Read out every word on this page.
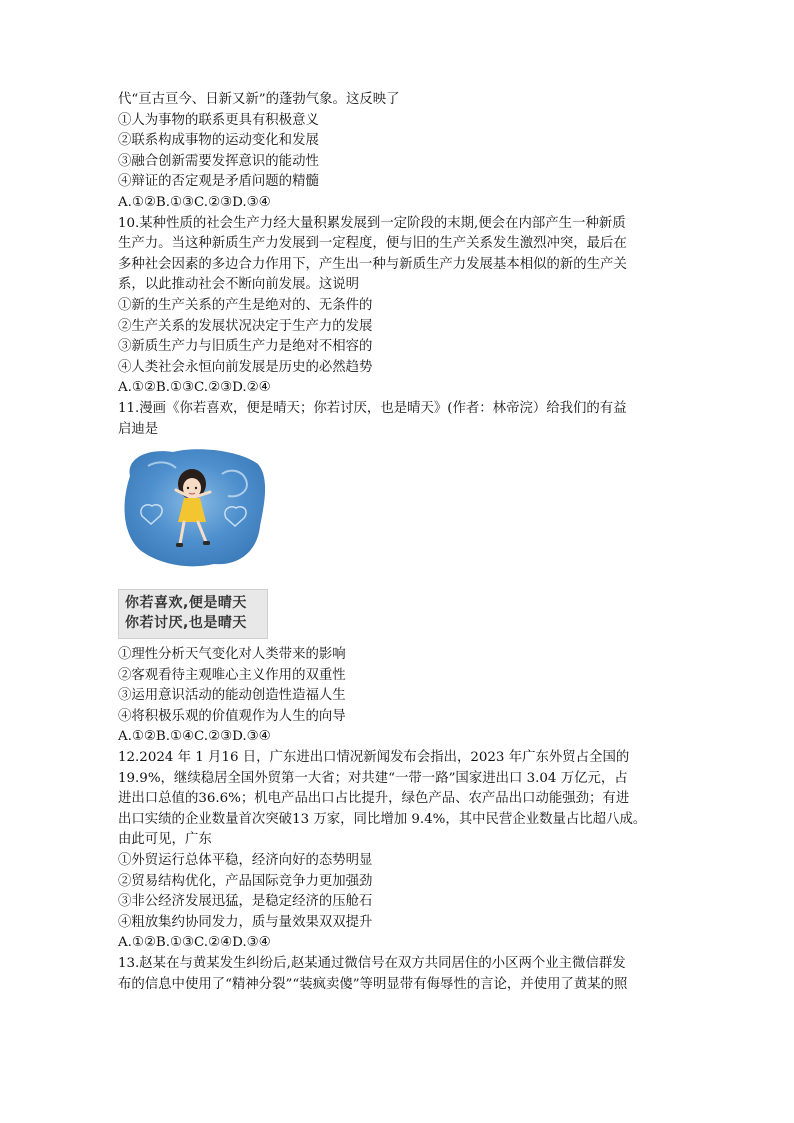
代“亘古亘今、日新又新”的蓬勃气象。这反映了
①人为事物的联系更具有积极意义
②联系构成事物的运动变化和发展
③融合创新需要发挥意识的能动性
④辩证的否定观是矛盾问题的精髓
A.①②B.①③C.②③D.③④
10.某种性质的社会生产力经大量积累发展到一定阶段的末期,便会在内部产生一种新质
生产力。当这种新质生产力发展到一定程度，便与旧的生产关系发生激烈冲突，最后在
多种社会因素的多边合力作用下，产生出一种与新质生产力发展基本相似的新的生产关
系，以此推动社会不断向前发展。这说明
①新的生产关系的产生是绝对的、无条件的
②生产关系的发展状况决定于生产力的发展
③新质生产力与旧质生产力是绝对不相容的
④人类社会永恒向前发展是历史的必然趋势
A.①②B.①③C.②③D.②④
11.漫画《你若喜欢，便是晴天；你若讨厌，也是晴天》(作者：林帝浣）给我们的有益
启迪是
你若喜欢,便是晴天
你若讨厌,也是晴天
①理性分析天气变化对人类带来的影响
②客观看待主观唯心主义作用的双重性
③运用意识活动的能动创造性造福人生
④将积极乐观的价值观作为人生的向导
A.①②B.①④C.②③D.③④
12.2024 年 1 月16 日，广东进出口情况新闻发布会指出，2023 年广东外贸占全国的
19.9%，继续稳居全国外贸第一大省；对共建“一带一路”国家进出口 3.04 万亿元，占
进出口总值的36.6%；机电产品出口占比提升，绿色产品、农产品出口动能强劲；有进
出口实绩的企业数量首次突破13 万家，同比增加 9.4%，其中民营企业数量占比超八成。
由此可见，广东
①外贸运行总体平稳，经济向好的态势明显
②贸易结构优化，产品国际竞争力更加强劲
③非公经济发展迅猛，是稳定经济的压舱石
④粗放集约协同发力，质与量效果双双提升
A.①②B.①③C.②④D.③④
13.赵某在与黄某发生纠纷后,赵某通过微信号在双方共同居住的小区两个业主微信群发
布的信息中使用了“精神分裂”“装疯卖傻”等明显带有侮辱性的言论，并使用了黄某的照
